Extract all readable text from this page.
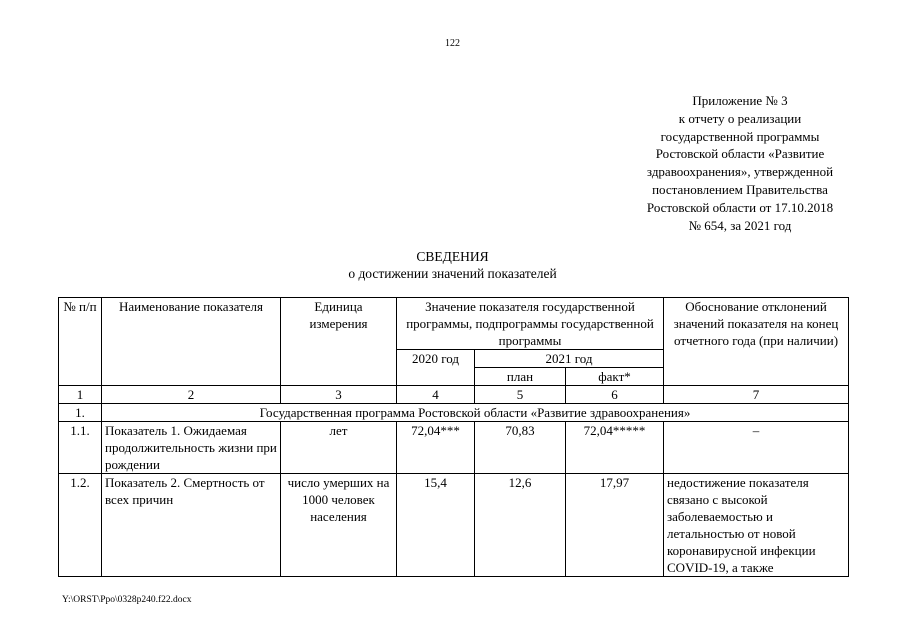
122
Приложение № 3
к отчету о реализации
государственной программы
Ростовской области «Развитие
здравоохранения», утвержденной
постановлением Правительства
Ростовской области от 17.10.2018
№ 654, за 2021 год
СВЕДЕНИЯ
о достижении значений показателей
№ п/п	Наименование показателя	Единица измерения	Значение показателя государственной программы, подпрограммы государственной программы			Обоснование отклонений значений показателя на конец отчетного года (при наличии)
			2020 год	2021 год		
				план	факт*	
1	2	3	4	5	6	7
1.	Государственная программа Ростовской области «Развитие здравоохранения»					
1.1.	Показатель 1. Ожидаемая продолжительность жизни при рождении	лет	72,04***	70,83	72,04*****	–
1.2.	Показатель 2. Смертность от всех причин	число умерших на 1000 человек населения	15,4	12,6	17,97	недостижение показателя связано с высокой заболеваемостью и летальностью от новой коронавирусной инфекции COVID-19, а также
Y:\ORST\Ppo\0328p240.f22.docx
